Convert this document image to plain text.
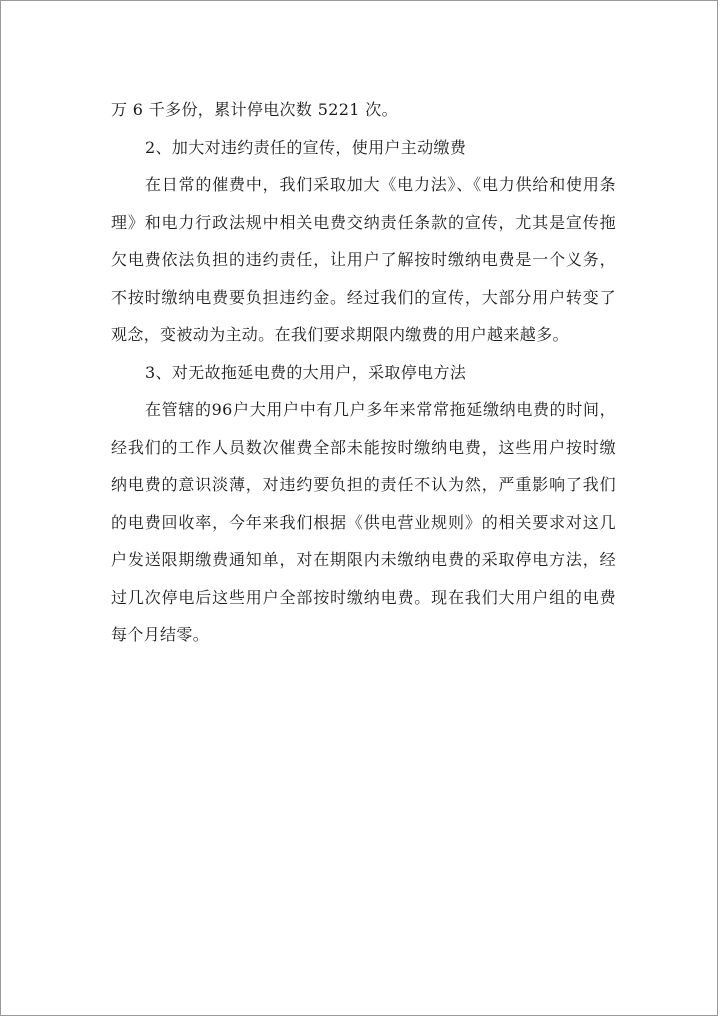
万 6 千多份，累计停电次数 5221 次。
2、加大对违约责任的宣传，使用户主动缴费
在日常的催费中，我们采取加大《电力法》、《电力供给和使用条
理》和电力行政法规中相关电费交纳责任条款的宣传，尤其是宣传拖
欠电费依法负担的违约责任，让用户了解按时缴纳电费是一个义务，
不按时缴纳电费要负担违约金。经过我们的宣传，大部分用户转变了
观念，变被动为主动。在我们要求期限内缴费的用户越来越多。
3、对无故拖延电费的大用户，采取停电方法
在管辖的96户大用户中有几户多年来常常拖延缴纳电费的时间，
经我们的工作人员数次催费全部未能按时缴纳电费，这些用户按时缴
纳电费的意识淡薄，对违约要负担的责任不认为然，严重影响了我们
的电费回收率，今年来我们根据《供电营业规则》的相关要求对这几
户发送限期缴费通知单，对在期限内未缴纳电费的采取停电方法，经
过几次停电后这些用户全部按时缴纳电费。现在我们大用户组的电费
每个月结零。
